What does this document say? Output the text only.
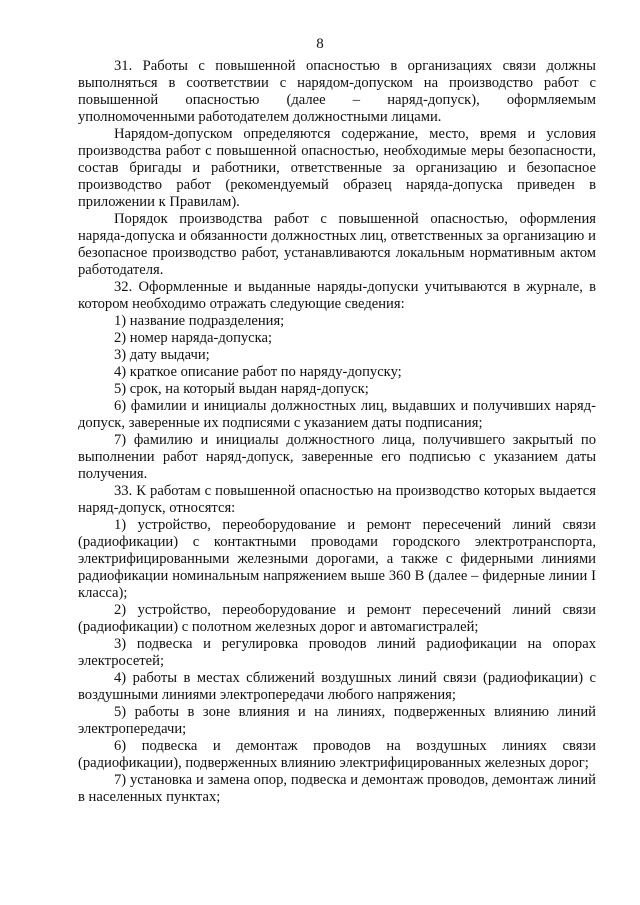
8

31. Работы с повышенной опасностью в организациях связи должны выполняться в соответствии с нарядом-допуском на производство работ с повышенной опасностью (далее – наряд-допуск), оформляемым уполномоченными работодателем должностными лицами.

Нарядом-допуском определяются содержание, место, время и условия производства работ с повышенной опасностью, необходимые меры безопасности, состав бригады и работники, ответственные за организацию и безопасное производство работ (рекомендуемый образец наряда-допуска приведен в приложении к Правилам).

Порядок производства работ с повышенной опасностью, оформления наряда-допуска и обязанности должностных лиц, ответственных за организацию и безопасное производство работ, устанавливаются локальным нормативным актом работодателя.

32. Оформленные и выданные наряды-допуски учитываются в журнале, в котором необходимо отражать следующие сведения:

1) название подразделения;

2) номер наряда-допуска;

3) дату выдачи;

4) краткое описание работ по наряду-допуску;

5) срок, на который выдан наряд-допуск;

6) фамилии и инициалы должностных лиц, выдавших и получивших наряд-допуск, заверенные их подписями с указанием даты подписания;

7) фамилию и инициалы должностного лица, получившего закрытый по выполнении работ наряд-допуск, заверенные его подписью с указанием даты получения.

33. К работам с повышенной опасностью на производство которых выдается наряд-допуск, относятся:

1) устройство, переоборудование и ремонт пересечений линий связи (радиофикации) с контактными проводами городского электротранспорта, электрифицированными железными дорогами, а также с фидерными линиями радиофикации номинальным напряжением выше 360 В (далее – фидерные линии I класса);

2) устройство, переоборудование и ремонт пересечений линий связи (радиофикации) с полотном железных дорог и автомагистралей;

3) подвеска и регулировка проводов линий радиофикации на опорах электросетей;

4) работы в местах сближений воздушных линий связи (радиофикации) с воздушными линиями электропередачи любого напряжения;

5) работы в зоне влияния и на линиях, подверженных влиянию линий электропередачи;

6) подвеска и демонтаж проводов на воздушных линиях связи (радиофикации), подверженных влиянию электрифицированных железных дорог;

7) установка и замена опор, подвеска и демонтаж проводов, демонтаж линий в населенных пунктах;
